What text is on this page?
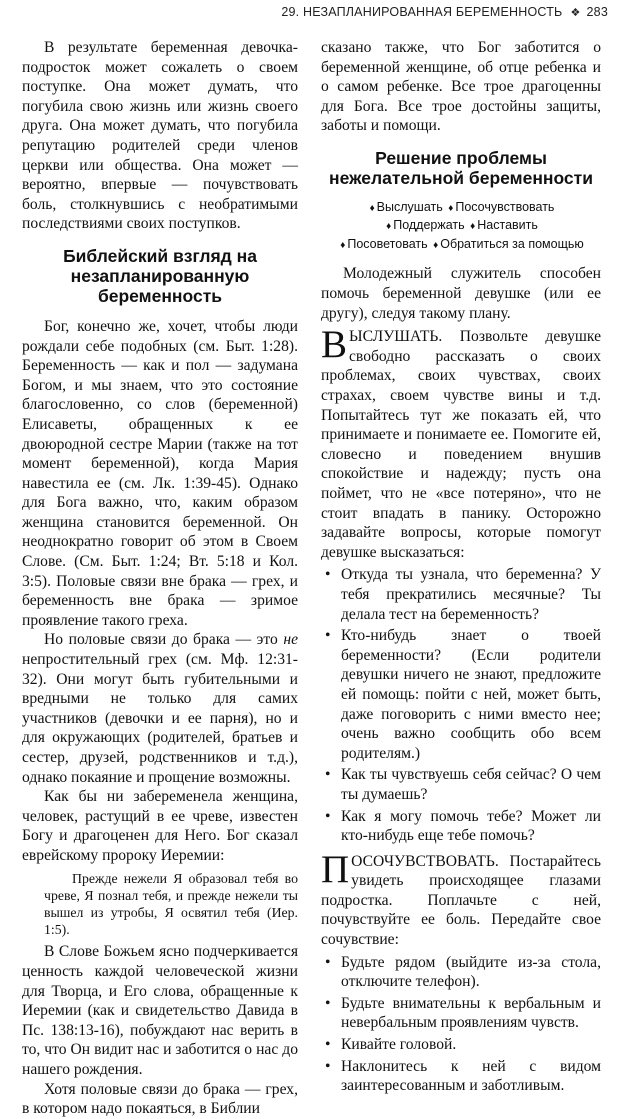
29. НЕЗАПЛАНИРОВАННАЯ БЕРЕМЕННОСТЬ ❖ 283

В результате беременная девочка-подросток может сожалеть о своем поступке. Она может думать, что погубила свою жизнь или жизнь своего друга. Она может думать, что погубила репутацию родителей среди членов церкви или общества. Она может — вероятно, впервые — почувствовать боль, столкнувшись с необратимыми последствиями своих поступков.

Библейский взгляд на незапланированную беременность

Бог, конечно же, хочет, чтобы люди рождали себе подобных (см. Быт. 1:28). Беременность — как и пол — задумана Богом, и мы знаем, что это состояние благословенно, со слов (беременной) Елисаветы, обращенных к ее двоюродной сестре Марии (также на тот момент беременной), когда Мария навестила ее (см. Лк. 1:39-45). Однако для Бога важно, что, каким образом женщина становится беременной. Он неоднократно говорит об этом в Своем Слове. (См. Быт. 1:24; Вт. 5:18 и Кол. 3:5). Половые связи вне брака — грех, и беременность вне брака — зримое проявление такого греха.

Но половые связи до брака — это не непростительный грех (см. Мф. 12:31-32). Они могут быть губительными и вредными не только для самих участников (девочки и ее парня), но и для окружающих (родителей, братьев и сестер, друзей, родственников и т.д.), однако покаяние и прощение возможны.

Как бы ни забеременела женщина, человек, растущий в ее чреве, известен Богу и драгоценен для Него. Бог сказал еврейскому пророку Иеремии:

Прежде нежели Я образовал тебя во чреве, Я познал тебя, и прежде нежели ты вышел из утробы, Я освятил тебя (Иер. 1:5).

В Слове Божьем ясно подчеркивается ценность каждой человеческой жизни для Творца, и Его слова, обращенные к Иеремии (как и свидетельство Давида в Пс. 138:13-16), побуждают нас верить в то, что Он видит нас и заботится о нас до нашего рождения.

Хотя половые связи до брака — грех, в котором надо покаяться, в Библии

сказано также, что Бог заботится о беременной женщине, об отце ребенка и о самом ребенке. Все трое драгоценны для Бога. Все трое достойны защиты, заботы и помощи.

Решение проблемы нежелательной беременности
♦ Выслушать ♦ Посочувствовать
♦ Поддержать ♦ Наставить
♦ Посоветовать ♦ Обратиться за помощью

Молодежный служитель способен помочь беременной девушке (или ее другу), следуя такому плану.

ВЫСЛУШАТЬ. Позвольте девушке свободно рассказать о своих проблемах, своих чувствах, своих страхах, своем чувстве вины и т.д. Попытайтесь тут же показать ей, что принимаете и понимаете ее. Помогите ей, словесно и поведением внушив спокойствие и надежду; пусть она поймет, что не «все потеряно», что не стоит впадать в панику. Осторожно задавайте вопросы, которые помогут девушке высказаться:

• Откуда ты узнала, что беременна? У тебя прекратились месячные? Ты делала тест на беременность?
• Кто-нибудь знает о твоей беременности? (Если родители девушки ничего не знают, предложите ей помощь: пойти с ней, может быть, даже поговорить с ними вместо нее; очень важно сообщить обо всем родителям.)
• Как ты чувствуешь себя сейчас? О чем ты думаешь?
• Как я могу помочь тебе? Может ли кто-нибудь еще тебе помочь?

ПОСОЧУВСТВОВАТЬ. Постарайтесь увидеть происходящее глазами подростка. Поплачьте с ней, почувствуйте ее боль. Передайте свое сочувствие:

• Будьте рядом (выйдите из-за стола, отключите телефон).
• Будьте внимательны к вербальным и невербальным проявлениям чувств.
• Кивайте головой.
• Наклонитесь к ней с видом заинтересованным и заботливым.
